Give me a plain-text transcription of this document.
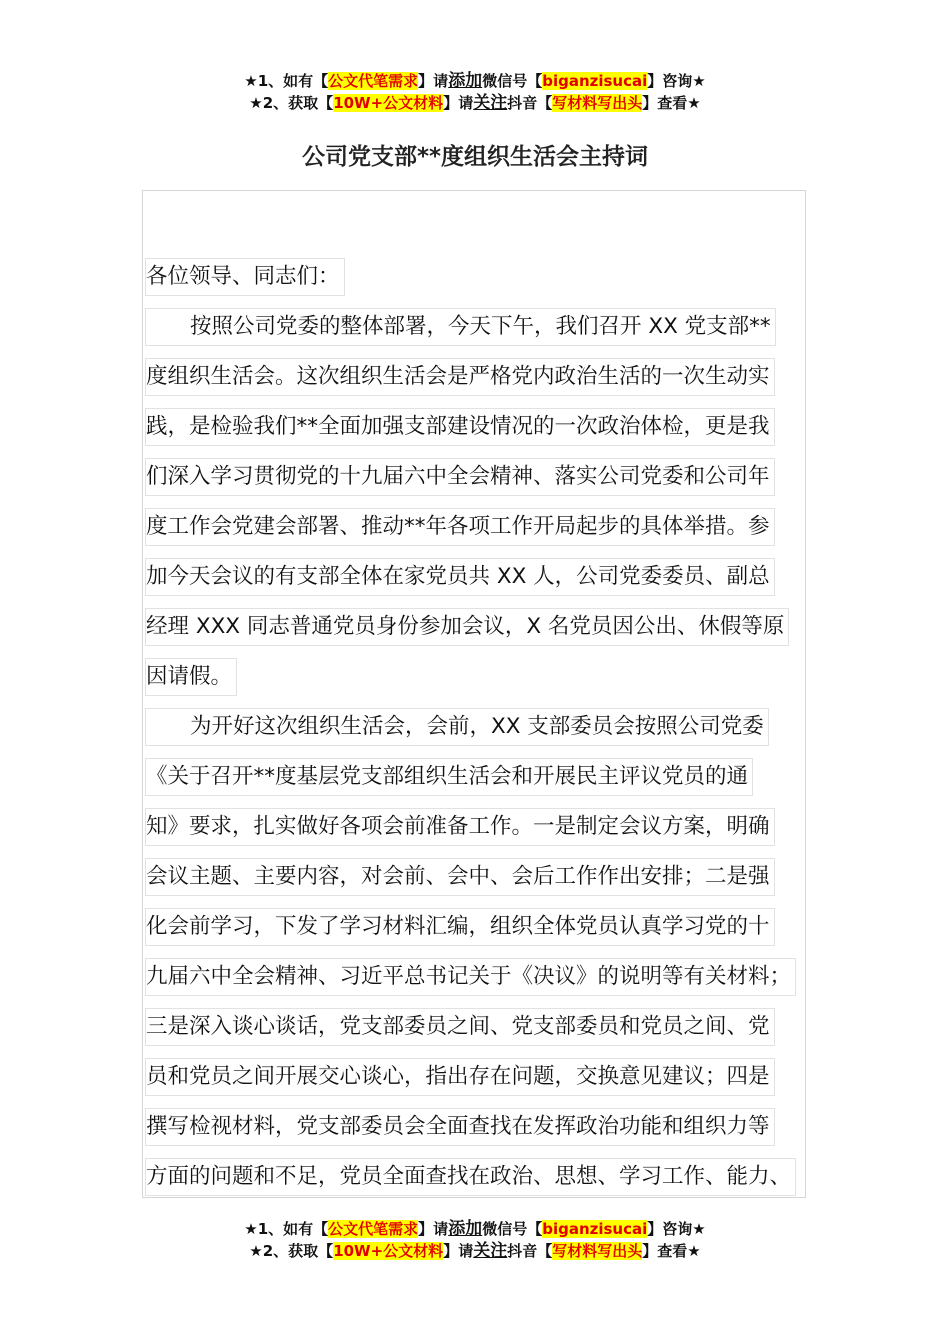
★1、如有【公文代笔需求】请添加微信号【biganzisucai】咨询★
★2、获取【10W+公文材料】请关注抖音【写材料写出头】查看★
公司党支部**度组织生活会主持词
各位领导、同志们：
按照公司党委的整体部署，今天下午，我们召开 XX 党支部**
度组织生活会。这次组织生活会是严格党内政治生活的一次生动实
践，是检验我们**全面加强支部建设情况的一次政治体检，更是我
们深入学习贯彻党的十九届六中全会精神、落实公司党委和公司年
度工作会党建会部署、推动**年各项工作开局起步的具体举措。参
加今天会议的有支部全体在家党员共 XX 人，公司党委委员、副总
经理 XXX 同志普通党员身份参加会议，X 名党员因公出、休假等原
因请假。
为开好这次组织生活会，会前，XX 支部委员会按照公司党委
《关于召开**度基层党支部组织生活会和开展民主评议党员的通
知》要求，扎实做好各项会前准备工作。一是制定会议方案，明确
会议主题、主要内容，对会前、会中、会后工作作出安排；二是强
化会前学习，下发了学习材料汇编，组织全体党员认真学习党的十
九届六中全会精神、习近平总书记关于《决议》的说明等有关材料；
三是深入谈心谈话，党支部委员之间、党支部委员和党员之间、党
员和党员之间开展交心谈心，指出存在问题，交换意见建议；四是
撰写检视材料，党支部委员会全面查找在发挥政治功能和组织力等
方面的问题和不足，党员全面查找在政治、思想、学习工作、能力、
★1、如有【公文代笔需求】请添加微信号【biganzisucai】咨询★
★2、获取【10W+公文材料】请关注抖音【写材料写出头】查看★
